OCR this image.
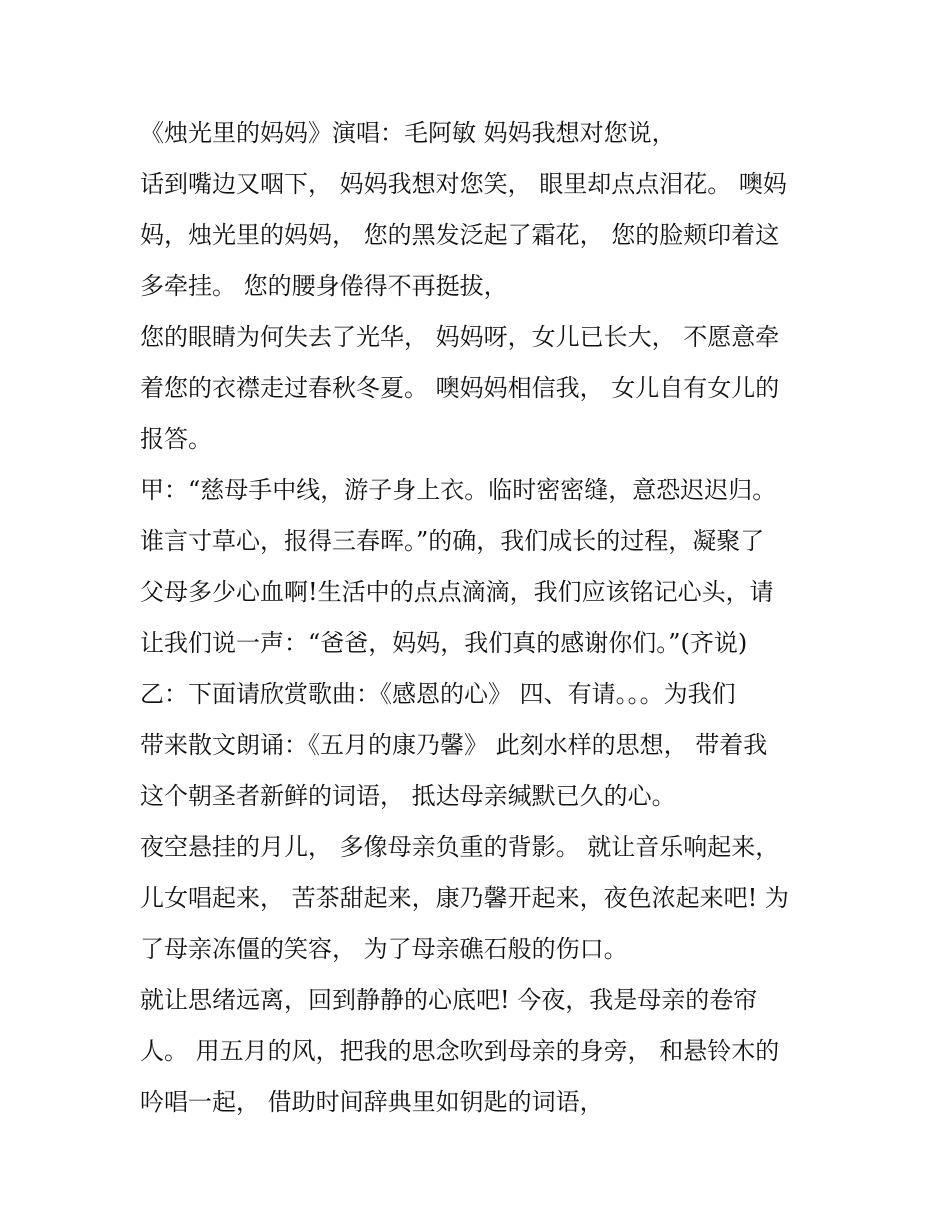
《烛光里的妈妈》演唱：毛阿敏 妈妈我想对您说，
话到嘴边又咽下， 妈妈我想对您笑， 眼里却点点泪花。 噢妈
妈，烛光里的妈妈， 您的黑发泛起了霜花， 您的脸颊印着这
多牵挂。 您的腰身倦得不再挺拔，
您的眼睛为何失去了光华， 妈妈呀，女儿已长大， 不愿意牵
着您的衣襟走过春秋冬夏。 噢妈妈相信我， 女儿自有女儿的
报答。
甲：“慈母手中线，游子身上衣。临时密密缝，意恐迟迟归。
谁言寸草心，报得三春晖。”的确，我们成长的过程，凝聚了
父母多少心血啊!生活中的点点滴滴，我们应该铭记心头，请
让我们说一声：“爸爸，妈妈，我们真的感谢你们。”(齐说)
乙：下面请欣赏歌曲：《感恩的心》 四、有请。。。为我们
带来散文朗诵：《五月的康乃馨》 此刻水样的思想， 带着我
这个朝圣者新鲜的词语， 抵达母亲缄默已久的心。
夜空悬挂的月儿， 多像母亲负重的背影。 就让音乐响起来，
儿女唱起来， 苦茶甜起来，康乃馨开起来，夜色浓起来吧! 为
了母亲冻僵的笑容， 为了母亲礁石般的伤口。
就让思绪远离，回到静静的心底吧! 今夜，我是母亲的卷帘
人。 用五月的风，把我的思念吹到母亲的身旁， 和悬铃木的
吟唱一起， 借助时间辞典里如钥匙的词语，
